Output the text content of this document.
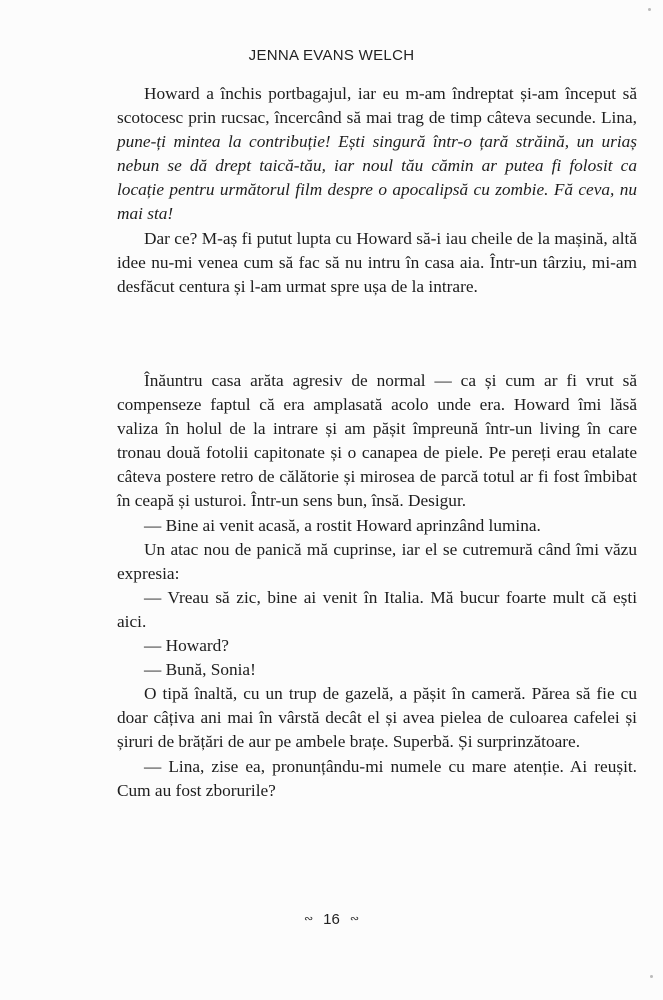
JENNA EVANS WELCH

Howard a închis portbagajul, iar eu m-am îndreptat și-am început să scotocesc prin rucsac, încercând să mai trag de timp câteva secunde. Lina, pune-ți mintea la contribuție! Ești singură într-o țară străină, un uriaș nebun se dă drept taică-tău, iar noul tău cămin ar putea fi folosit ca locație pentru următorul film despre o apocalipsă cu zombie. Fă ceva, nu mai sta!

Dar ce? M-aș fi putut lupta cu Howard să-i iau cheile de la mașină, altă idee nu-mi venea cum să fac să nu intru în casa aia. Într-un târziu, mi-am desfăcut centura și l-am urmat spre ușa de la intrare.

Înăuntru casa arăta agresiv de normal — ca și cum ar fi vrut să compenseze faptul că era amplasată acolo unde era. Howard îmi lăsă valiza în holul de la intrare și am pășit împreună într-un living în care tronau două fotolii capitonate și o canapea de piele. Pe pereți erau etalate câteva postere retro de călătorie și mirosea de parcă totul ar fi fost îmbibat în ceapă și usturoi. Într-un sens bun, însă. Desigur.

— Bine ai venit acasă, a rostit Howard aprinzând lumina.

Un atac nou de panică mă cuprinse, iar el se cutremură când îmi văzu expresia:

— Vreau să zic, bine ai venit în Italia. Mă bucur foarte mult că ești aici.

— Howard?

— Bună, Sonia!

O tipă înaltă, cu un trup de gazelă, a pășit în cameră. Părea să fie cu doar câțiva ani mai în vârstă decât el și avea pielea de culoarea cafelei și șiruri de brățări de aur pe ambele brațe. Superbă. Și surprinzătoare.

— Lina, zise ea, pronunțându-mi numele cu mare atenție. Ai reușit. Cum au fost zborurile?

∾ 16 ∾
